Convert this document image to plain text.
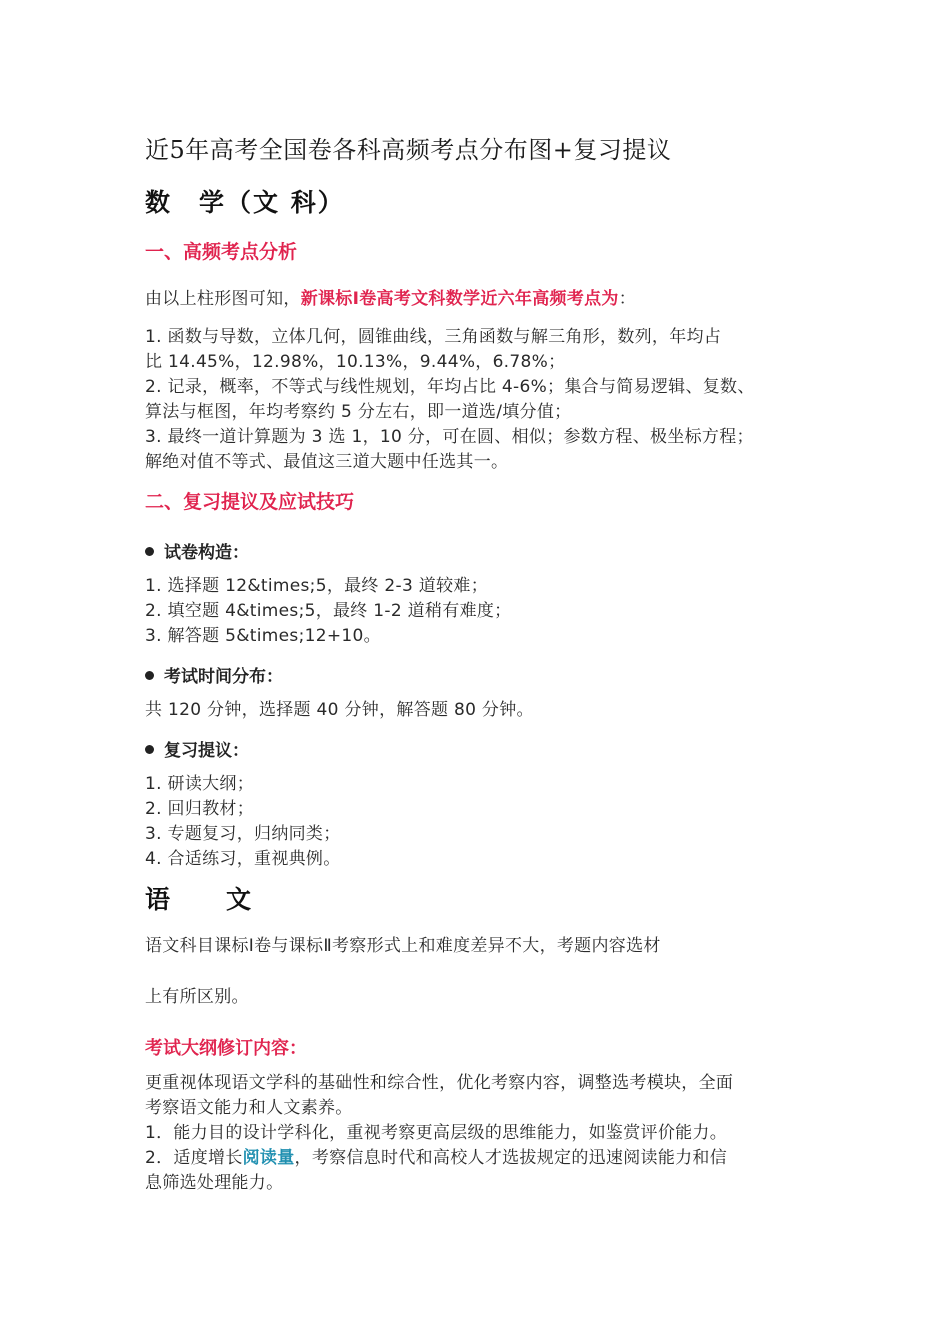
近5年高考全国卷各科高频考点分布图+复习提议

数　学（文 科）

一、高频考点分析

由以上柱形图可知，新课标Ⅰ卷高考文科数学近六年高频考点为：

1. 函数与导数，立体几何，圆锥曲线，三角函数与解三角形，数列，年均占
比 14.45%，12.98%，10.13%，9.44%，6.78%；
2. 记录，概率，不等式与线性规划，年均占比 4-6%；集合与简易逻辑、复数、
算法与框图，年均考察约 5 分左右，即一道选/填分值；
3. 最终一道计算题为 3 选 1，10 分，可在圆、相似；参数方程、极坐标方程；
解绝对值不等式、最值这三道大题中任选其一。

二、复习提议及应试技巧

试卷构造：

1. 选择题 12&times;5，最终 2-3 道较难；
2. 填空题 4&times;5，最终 1-2 道稍有难度；
3. 解答题 5&times;12+10。

考试时间分布：

共 120 分钟，选择题 40 分钟，解答题 80 分钟。

复习提议：

1. 研读大纲；
2. 回归教材；
3. 专题复习，归纳同类；
4. 合适练习，重视典例。

语　　文

语文科目课标Ⅰ卷与课标Ⅱ考察形式上和难度差异不大，考题内容选材

上有所区别。

考试大纲修订内容：

更重视体现语文学科的基础性和综合性，优化考察内容，调整选考模块，全面
考察语文能力和人文素养。
1．能力目的设计学科化，重视考察更高层级的思维能力，如鉴赏评价能力。
2．适度增长阅读量，考察信息时代和高校人才选拔规定的迅速阅读能力和信
息筛选处理能力。
